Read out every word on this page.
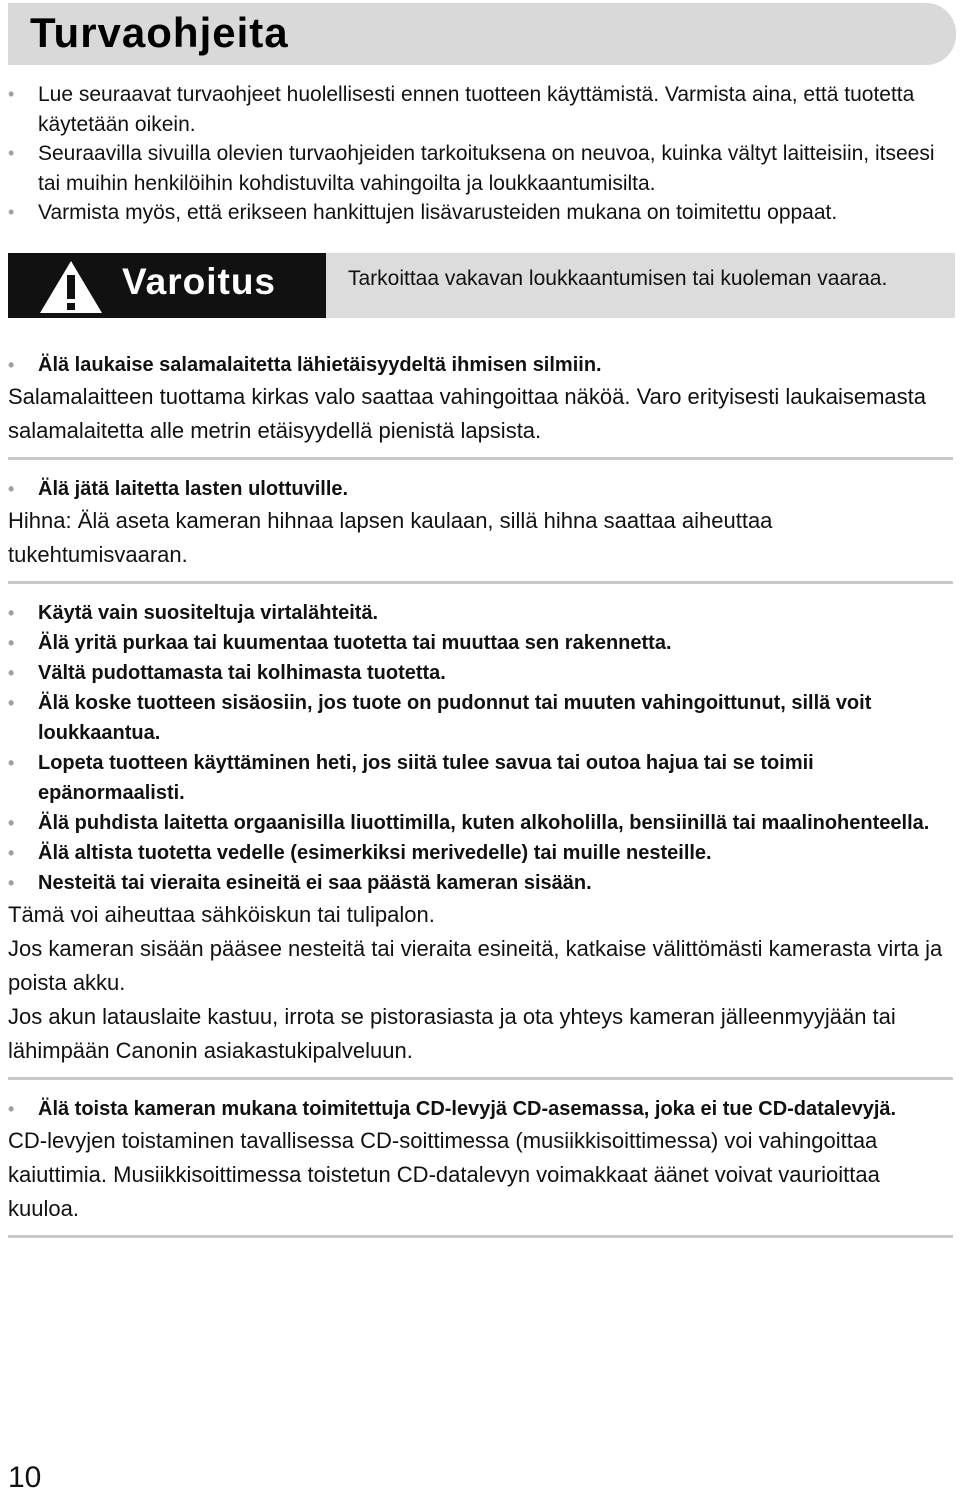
Turvaohjeita
• Lue seuraavat turvaohjeet huolellisesti ennen tuotteen käyttämistä. Varmista aina, että tuotetta käytetään oikein.
• Seuraavilla sivuilla olevien turvaohjeiden tarkoituksena on neuvoa, kuinka vältyt laitteisiin, itseesi tai muihin henkilöihin kohdistuvilta vahingoilta ja loukkaantumisilta.
• Varmista myös, että erikseen hankittujen lisävarusteiden mukana on toimitettu oppaat.
Varoitus	Tarkoittaa vakavan loukkaantumisen tai kuoleman vaaraa.
• Älä laukaise salamalaitetta lähietäisyydeltä ihmisen silmiin.
Salamalaitteen tuottama kirkas valo saattaa vahingoittaa näköä. Varo erityisesti laukaisemasta salamalaitetta alle metrin etäisyydellä pienistä lapsista.
• Älä jätä laitetta lasten ulottuville.
Hihna: Älä aseta kameran hihnaa lapsen kaulaan, sillä hihna saattaa aiheuttaa tukehtumisvaaran.
• Käytä vain suositeltuja virtalähteitä.
• Älä yritä purkaa tai kuumentaa tuotetta tai muuttaa sen rakennetta.
• Vältä pudottamasta tai kolhimasta tuotetta.
• Älä koske tuotteen sisäosiin, jos tuote on pudonnut tai muuten vahingoittunut, sillä voit loukkaantua.
• Lopeta tuotteen käyttäminen heti, jos siitä tulee savua tai outoa hajua tai se toimii epänormaalisti.
• Älä puhdista laitetta orgaanisilla liuottimilla, kuten alkoholilla, bensiinillä tai maalinohenteella.
• Älä altista tuotetta vedelle (esimerkiksi merivedelle) tai muille nesteille.
• Nesteitä tai vieraita esineitä ei saa päästä kameran sisään.
Tämä voi aiheuttaa sähköiskun tai tulipalon.
Jos kameran sisään pääsee nesteitä tai vieraita esineitä, katkaise välittömästi kamerasta virta ja poista akku.
Jos akun latauslaite kastuu, irrota se pistorasiasta ja ota yhteys kameran jälleenmyyjään tai lähimpään Canonin asiakastukipalveluun.
• Älä toista kameran mukana toimitettuja CD-levyjä CD-asemassa, joka ei tue CD-datalevyjä.
CD-levyjen toistaminen tavallisessa CD-soittimessa (musiikkisoittimessa) voi vahingoittaa kaiuttimia. Musiikkisoittimessa toistetun CD-datalevyn voimakkaat äänet voivat vaurioittaa kuuloa.
10
